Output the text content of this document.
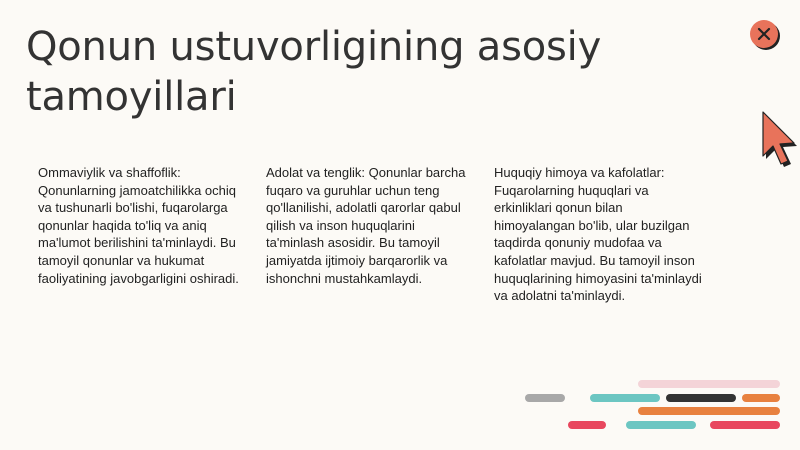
Qonun ustuvorligining asosiy tamoyillari

Ommaviylik va shaffoflik: Qonunlarning jamoatchilikka ochiq va tushunarli bo'lishi, fuqarolarga qonunlar haqida to'liq va aniq ma'lumot berilishini ta'minlaydi. Bu tamoyil qonunlar va hukumat faoliyatining javobgarligini oshiradi.

Adolat va tenglik: Qonunlar barcha fuqaro va guruhlar uchun teng qo'llanilishi, adolatli qarorlar qabul qilish va inson huquqlarini ta'minlash asosidir. Bu tamoyil jamiyatda ijtimoiy barqarorlik va ishonchni mustahkamlaydi.

Huquqiy himoya va kafolatlar: Fuqarolarning huquqlari va erkinliklari qonun bilan himoyalangan bo'lib, ular buzilgan taqdirda qonuniy mudofaa va kafolatlar mavjud. Bu tamoyil inson huquqlarining himoyasini ta'minlaydi va adolatni ta'minlaydi.
